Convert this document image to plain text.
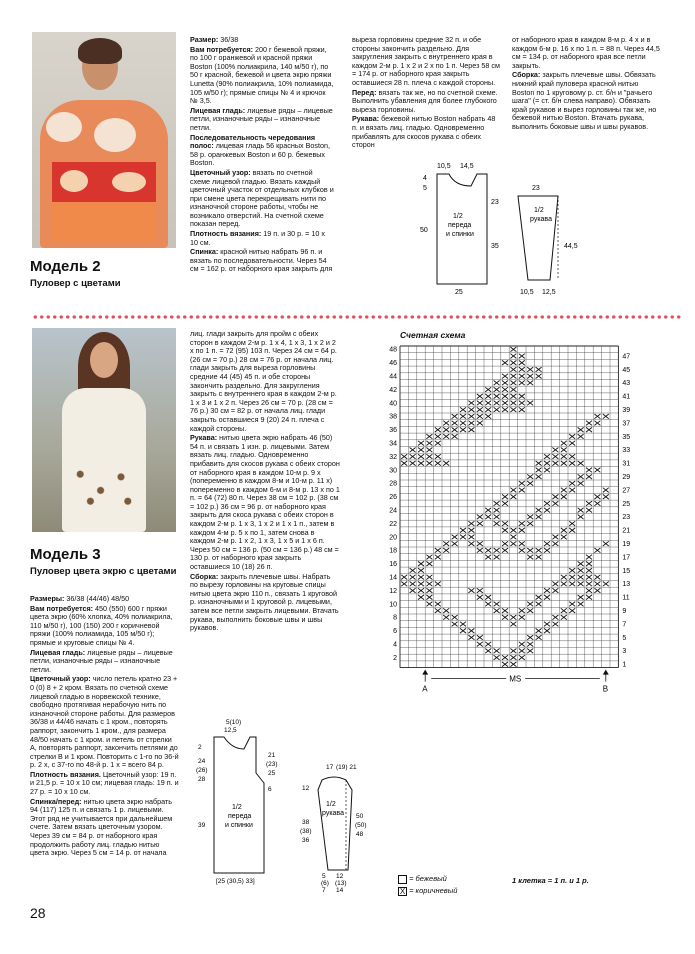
Модель 2
Пуловер с цветами

Размер: 36/38

Вам потребуется: 200 г бежевой пряжи, по 100 г оранжевой и красной пряжи Boston (100% полиакрила, 140 м/50 г), по 50 г красной, бежевой и цвета экрю пряжи Lunetta (90% полиакрила, 10% полиамида, 105 м/50 г); прямые спицы № 4 и крючок № 3,5.

Лицевая гладь: лицевые ряды – лицевые петли, изнаночные ряды – изнаночные петли.

Последовательность чередования полос: лицевая гладь 56 красных Boston, 58 р. оранжевых Boston и 60 р. бежевых Boston.

Цветочный узор: вязать по счетной схеме лицевой гладью. Вязать каждый цветочный участок от отдельных клубков и при смене цвета перекрещивать нити по изнаночной стороне работы, чтобы не возникало отверстий. На счетной схеме показан перед.

Плотность вязания: 19 п. и 30 р. = 10 х 10 см.

Спинка: красной нитью набрать 96 п. и вязать по последовательности. Через 54 см = 162 р. от наборного края закрыть для

выреза горловины средние 32 п. и обе стороны закончить раздельно. Для закругления закрыть с внутреннего края в каждом 2-м р. 1 х 2 и 2 х по 1 п. Через 58 см = 174 р. от наборного края закрыть оставшиеся 28 п. плеча с каждой стороны.

Перед: вязать так же, но по счетной схеме. Выполнить убавления для более глубокого выреза горловины.

Рукава: бежевой нитью Boston набрать 48 п. и вязать лиц. гладью. Одновременно прибавлять для скосов рукава с обеих сторон

от наборного края в каждом 8-м р. 4 х и в каждом 6-м р. 16 х по 1 п. = 88 п. Через 44,5 см = 134 р. от наборного края все петли закрыть.

Сборка: закрыть плечевые швы. Обвязать нижний край пуловера красной нитью Boston по 1 круговому р. ст. б/н и "рачьего шага" (= ст. б/н слева направо). Обвязать край рукавов и вырез горловины так же, но бежевой нитью Boston. Втачать рукава, выполнить боковые швы и швы рукавов.

10,5 14,5
4
5
23
50
35
25
1/2
переда
и спинки
23
44,5
10,5 12,5
1/2
рукава
Модель 3
Пуловер цвета экрю с цветами

Размеры: 36/38 (44/46) 48/50

Вам потребуется: 450 (550) 600 г пряжи цвета экрю (60% хлопка, 40% полиакрила, 110 м/50 г), 100 (150) 200 г коричневой пряжи (100% полиамида, 105 м/50 г); прямые и круговые спицы № 4.

Лицевая гладь: лицевые ряды – лицевые петли, изнаночные ряды – изнаночные петли.

Цветочный узор: число петель кратно 23 + 0 (0) 8 + 2 кром. Вязать по счетной схеме лицевой гладью в норвежской технике, свободно протягивая нерабочую нить по изнаночной стороне работы. Для размеров 36/38 и 44/46 начать с 1 кром., повторять раппорт, закончить 1 кром., для размера 48/50 начать с 1 кром. и петель от стрелки А, повторять раппорт, закончить петлями до стрелки В и 1 кром. Повторить с 1-го по 36-й р. 2 х, с 37-го по 48-й р. 1 х = всего 84 р.

Плотность вязания. Цветочный узор: 19 п. и 21,5 р. = 10 х 10 см; лицевая гладь: 19 п. и 27 р. = 10 х 10 см.

Спинка/перед: нитью цвета экрю набрать 94 (117) 125 п. и связать 1 р. лицевыми. Этот ряд не учитывается при дальнейшем счете. Затем вязать цветочным узором. Через 39 см = 84 р. от наборного края продолжить работу лиц. гладью нитью цвета экрю. Через 5 см = 14 р. от начала

лиц. глади закрыть для пройм с обеих сторон в каждом 2-м р. 1 х 4, 1 х 3, 1 х 2 и 2 х по 1 п. = 72 (95) 103 п. Через 24 см = 64 р. (26 см = 70 р.) 28 см = 76 р. от начала лиц. глади закрыть для выреза горловины средние 44 (45) 45 п. и обе стороны закончить раздельно. Для закругления закрыть с внутреннего края в каждом 2-м р. 1 х 3 и 1 х 2 п. Через 26 см = 70 р. (28 см = 76 р.) 30 см = 82 р. от начала лиц. глади закрыть оставшиеся 9 (20) 24 п. плеча с каждой стороны.

Рукава: нитью цвета экрю набрать 46 (50) 54 п. и связать 1 изн. р. лицевыми. Затем вязать лиц. гладью. Одновременно прибавить для скосов рукава с обеих сторон от наборного края в каждом 10-м р. 9 х (попеременно в каждом 8-м и 10-м р. 11 х) попеременно в каждом 6-м и 8-м р. 13 х по 1 п. = 64 (72) 80 п. Через 38 см = 102 р. (38 см = 102 р.) 36 см = 96 р. от наборного края закрыть для скоса рукава с обеих сторон в каждом 2-м р. 1 х 3, 1 х 2 и 1 х 1 п., затем в каждом 4-м р. 5 х по 1, затем снова в каждом 2-м р. 1 х 2, 1 х 3, 1 х 5 и 1 х 6 п. Через 50 см = 136 р. (50 см = 136 р.) 48 см = 130 р. от наборного края закрыть оставшиеся 10 (18) 26 п.

Сборка: закрыть плечевые швы. Набрать по вырезу горловины на круговые спицы нитью цвета экрю 110 п., связать 1 круговой р. изнаночными и 1 круговой р. лицевыми, затем все петли закрыть лицевыми. Втачать рукава, выполнить боковые швы и швы рукавов.

5(10)
12,5
2
24
(26)
28
21
(23)
25
39
6
[25 (30,5) 33]
1/2
переда
и спинки
17 (19) 21
12
38
(38)
36
50
(50)
48
5
(6)
7
12
(13)
14
1/2
рукава
Счетная схема
48
46
44
42
40
38
36
34
32
30
28
26
24
22
20
18
16
14
12
10
8
6
4
2
47
45
43
41
39
37
35
33
31
29
27
25
23
21
19
17
15
13
11
9
7
5
3
1
A	B
MS
= бежевый
X = коричневый
1 клетка = 1 п. и 1 р.
28
